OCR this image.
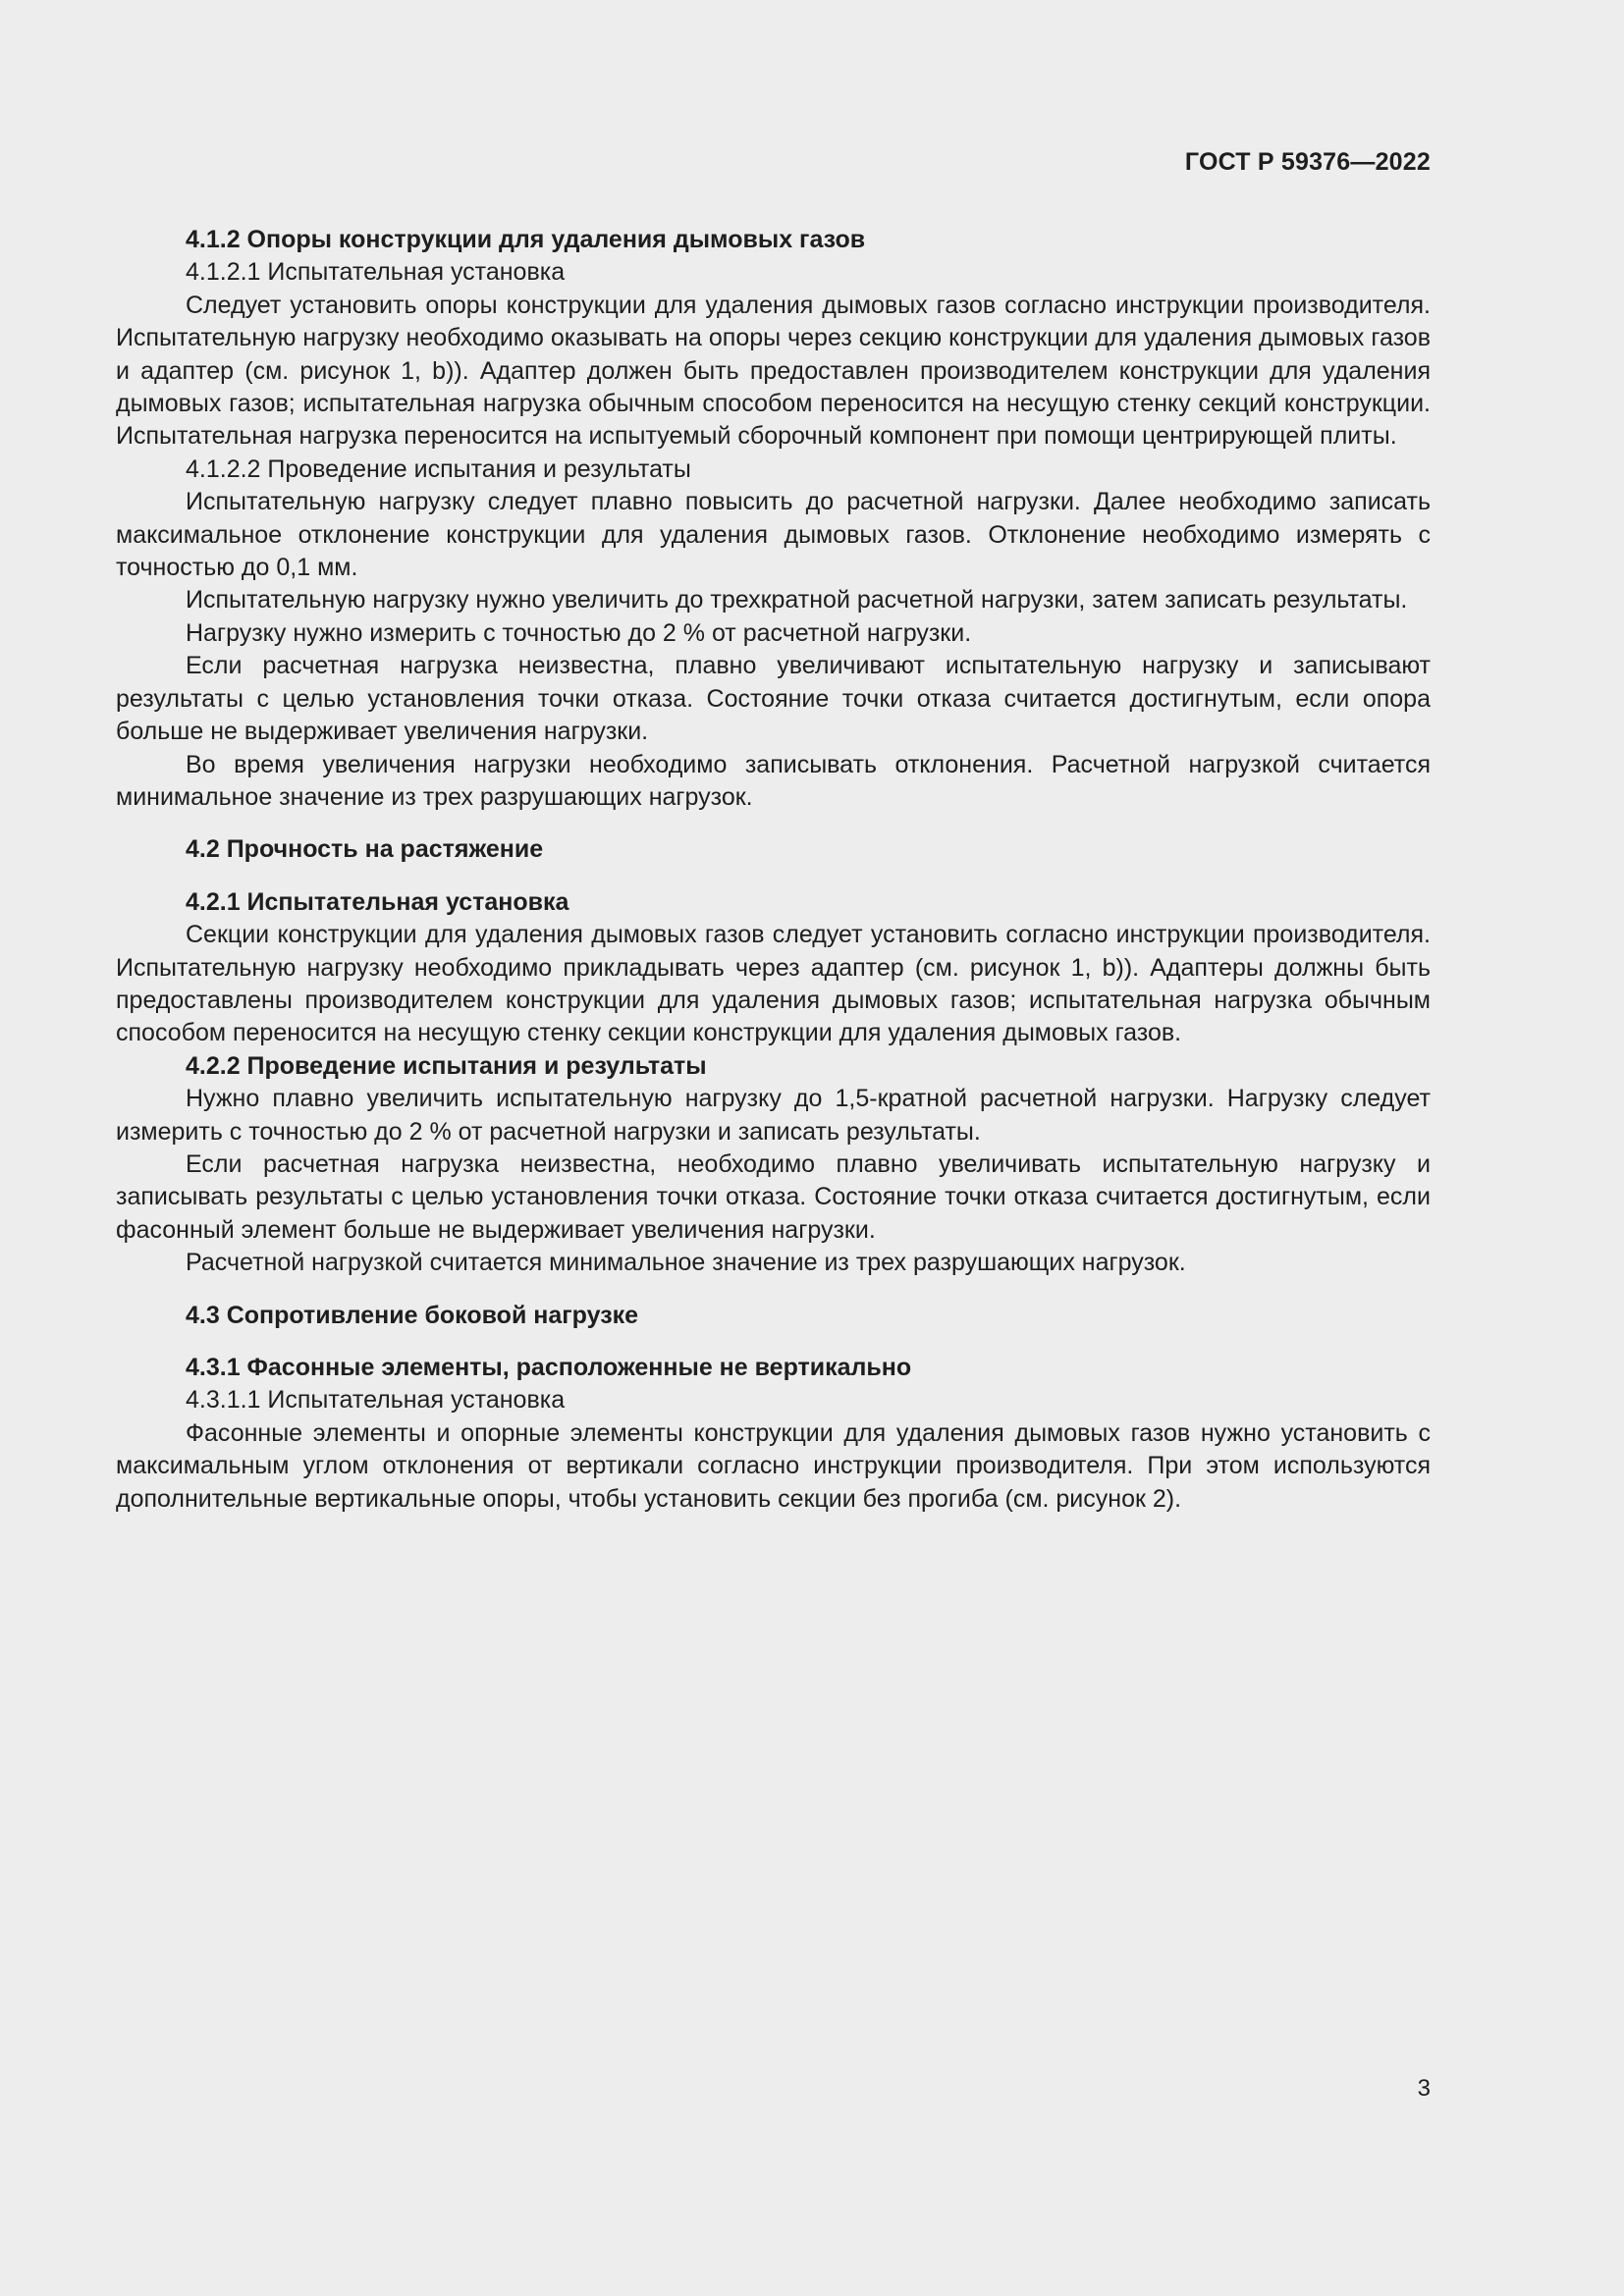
ГОСТ Р 59376—2022

4.1.2 Опоры конструкции для удаления дымовых газов

4.1.2.1 Испытательная установка

Следует установить опоры конструкции для удаления дымовых газов согласно инструкции производителя. Испытательную нагрузку необходимо оказывать на опоры через секцию конструкции для удаления дымовых газов и адаптер (см. рисунок 1, b)). Адаптер должен быть предоставлен производителем конструкции для удаления дымовых газов; испытательная нагрузка обычным способом переносится на несущую стенку секций конструкции. Испытательная нагрузка переносится на испытуемый сборочный компонент при помощи центрирующей плиты.

4.1.2.2 Проведение испытания и результаты

Испытательную нагрузку следует плавно повысить до расчетной нагрузки. Далее необходимо записать максимальное отклонение конструкции для удаления дымовых газов. Отклонение необходимо измерять с точностью до 0,1 мм.

Испытательную нагрузку нужно увеличить до трехкратной расчетной нагрузки, затем записать результаты.

Нагрузку нужно измерить с точностью до 2 % от расчетной нагрузки.

Если расчетная нагрузка неизвестна, плавно увеличивают испытательную нагрузку и записывают результаты с целью установления точки отказа. Состояние точки отказа считается достигнутым, если опора больше не выдерживает увеличения нагрузки.

Во время увеличения нагрузки необходимо записывать отклонения. Расчетной нагрузкой считается минимальное значение из трех разрушающих нагрузок.

4.2 Прочность на растяжение

4.2.1 Испытательная установка

Секции конструкции для удаления дымовых газов следует установить согласно инструкции производителя. Испытательную нагрузку необходимо прикладывать через адаптер (см. рисунок 1, b)). Адаптеры должны быть предоставлены производителем конструкции для удаления дымовых газов; испытательная нагрузка обычным способом переносится на несущую стенку секции конструкции для удаления дымовых газов.

4.2.2 Проведение испытания и результаты

Нужно плавно увеличить испытательную нагрузку до 1,5-кратной расчетной нагрузки. Нагрузку следует измерить с точностью до 2 % от расчетной нагрузки и записать результаты.

Если расчетная нагрузка неизвестна, необходимо плавно увеличивать испытательную нагрузку и записывать результаты с целью установления точки отказа. Состояние точки отказа считается достигнутым, если фасонный элемент больше не выдерживает увеличения нагрузки.

Расчетной нагрузкой считается минимальное значение из трех разрушающих нагрузок.

4.3 Сопротивление боковой нагрузке

4.3.1 Фасонные элементы, расположенные не вертикально

4.3.1.1 Испытательная установка

Фасонные элементы и опорные элементы конструкции для удаления дымовых газов нужно установить с максимальным углом отклонения от вертикали согласно инструкции производителя. При этом используются дополнительные вертикальные опоры, чтобы установить секции без прогиба (см. рисунок 2).

3
